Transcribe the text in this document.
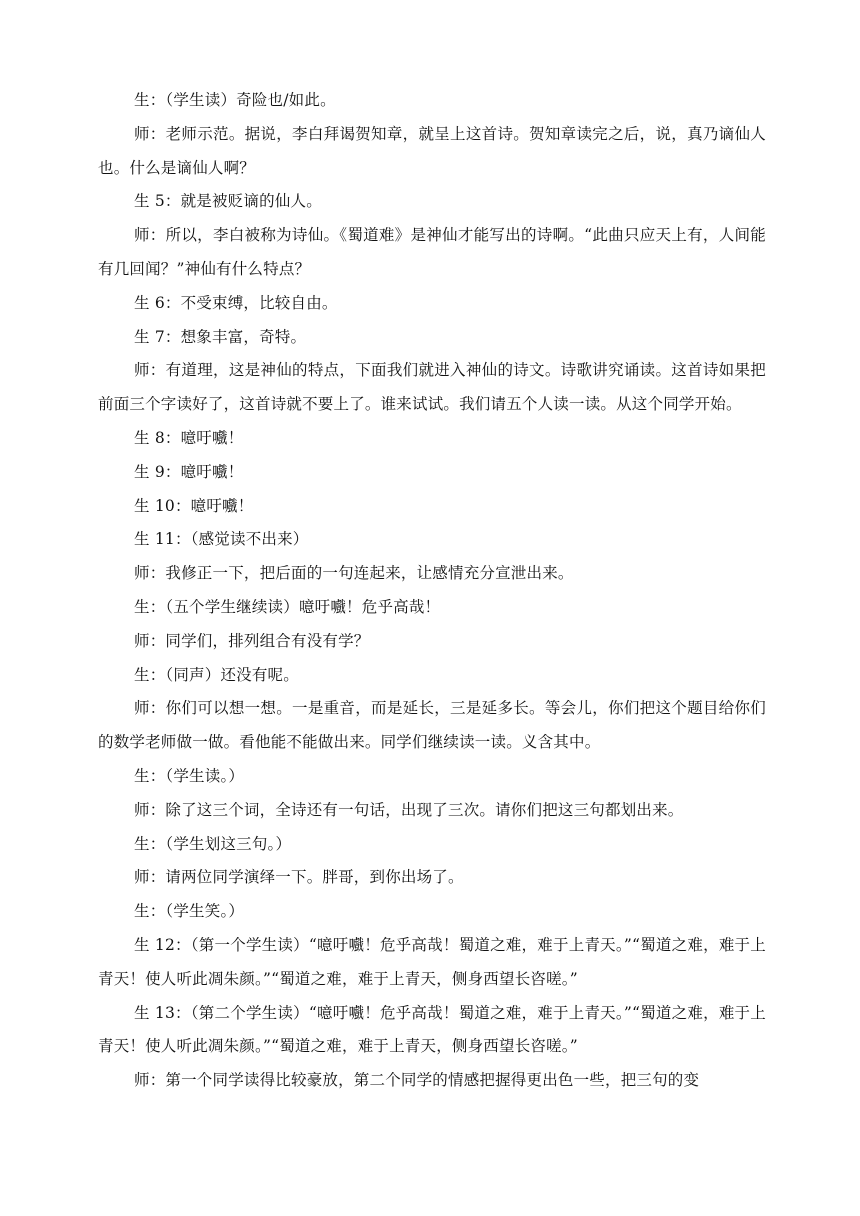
生：（学生读）奇险也/如此。

师：老师示范。据说，李白拜谒贺知章，就呈上这首诗。贺知章读完之后，说，真乃谪仙人也。什么是谪仙人啊？

生 5：就是被贬谪的仙人。

师：所以，李白被称为诗仙。《蜀道难》是神仙才能写出的诗啊。“此曲只应天上有，人间能有几回闻？”神仙有什么特点？

生 6：不受束缚，比较自由。

生 7：想象丰富，奇特。

师：有道理，这是神仙的特点，下面我们就进入神仙的诗文。诗歌讲究诵读。这首诗如果把前面三个字读好了，这首诗就不要上了。谁来试试。我们请五个人读一读。从这个同学开始。

生 8：噫吁嚱！

生 9：噫吁嚱！

生 10：噫吁嚱！

生 11：（感觉读不出来）

师：我修正一下，把后面的一句连起来，让感情充分宣泄出来。

生：（五个学生继续读）噫吁嚱！危乎高哉！

师：同学们，排列组合有没有学？

生：（同声）还没有呢。

师：你们可以想一想。一是重音，而是延长，三是延多长。等会儿，你们把这个题目给你们的数学老师做一做。看他能不能做出来。同学们继续读一读。义含其中。

生：（学生读。）

师：除了这三个词，全诗还有一句话，出现了三次。请你们把这三句都划出来。

生：（学生划这三句。）

师：请两位同学演绎一下。胖哥，到你出场了。

生：（学生笑。）

生 12：（第一个学生读）“噫吁嚱！危乎高哉！蜀道之难，难于上青天。”“蜀道之难，难于上青天！使人听此凋朱颜。”“蜀道之难，难于上青天，侧身西望长咨嗟。”

生 13：（第二个学生读）“噫吁嚱！危乎高哉！蜀道之难，难于上青天。”“蜀道之难，难于上青天！使人听此凋朱颜。”“蜀道之难，难于上青天，侧身西望长咨嗟。”

师：第一个同学读得比较豪放，第二个同学的情感把握得更出色一些，把三句的变
